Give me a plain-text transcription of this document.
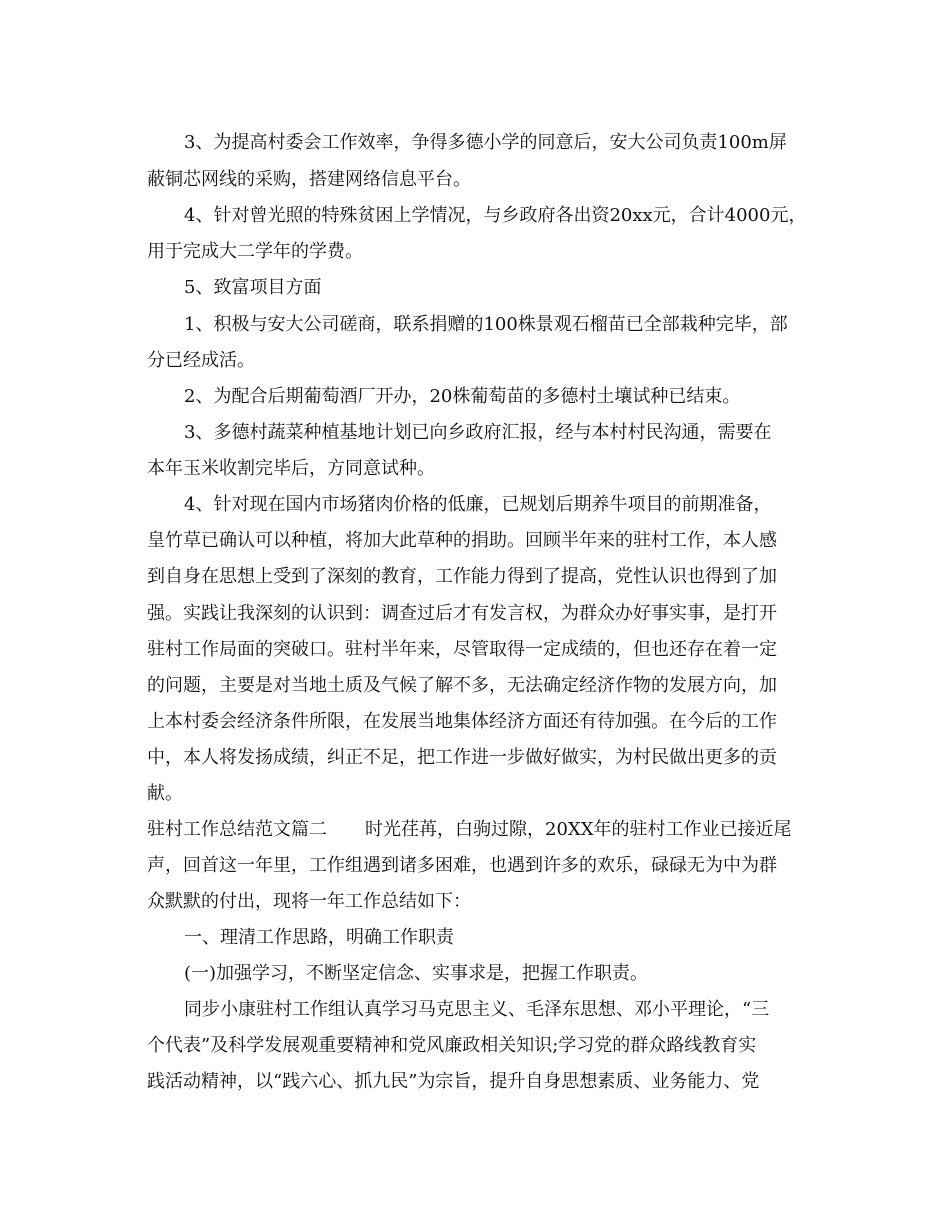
3、为提高村委会工作效率，争得多德小学的同意后，安大公司负责100m屏
蔽铜芯网线的采购，搭建网络信息平台。
4、针对曾光照的特殊贫困上学情况，与乡政府各出资20xx元，合计4000元，
用于完成大二学年的学费。
5、致富项目方面
1、积极与安大公司磋商，联系捐赠的100株景观石榴苗已全部栽种完毕，部
分已经成活。
2、为配合后期葡萄酒厂开办，20株葡萄苗的多德村土壤试种已结束。
3、多德村蔬菜种植基地计划已向乡政府汇报，经与本村村民沟通，需要在
本年玉米收割完毕后，方同意试种。
4、针对现在国内市场猪肉价格的低廉，已规划后期养牛项目的前期准备，
皇竹草已确认可以种植，将加大此草种的捐助。回顾半年来的驻村工作，本人感
到自身在思想上受到了深刻的教育，工作能力得到了提高，党性认识也得到了加
强。实践让我深刻的认识到：调查过后才有发言权，为群众办好事实事，是打开
驻村工作局面的突破口。驻村半年来，尽管取得一定成绩的，但也还存在着一定
的问题，主要是对当地土质及气候了解不多，无法确定经济作物的发展方向，加
上本村委会经济条件所限，在发展当地集体经济方面还有待加强。在今后的工作
中，本人将发扬成绩，纠正不足，把工作进一步做好做实，为村民做出更多的贡
献。
驻村工作总结范文篇二 时光荏苒，白驹过隙，20XX年的驻村工作业已接近尾
声，回首这一年里，工作组遇到诸多困难，也遇到许多的欢乐，碌碌无为中为群
众默默的付出，现将一年工作总结如下：
一、理清工作思路，明确工作职责
(一)加强学习，不断坚定信念、实事求是，把握工作职责。
同步小康驻村工作组认真学习马克思主义、毛泽东思想、邓小平理论，“三
个代表”及科学发展观重要精神和党风廉政相关知识;学习党的群众路线教育实
践活动精神，以“践六心、抓九民”为宗旨，提升自身思想素质、业务能力、党
